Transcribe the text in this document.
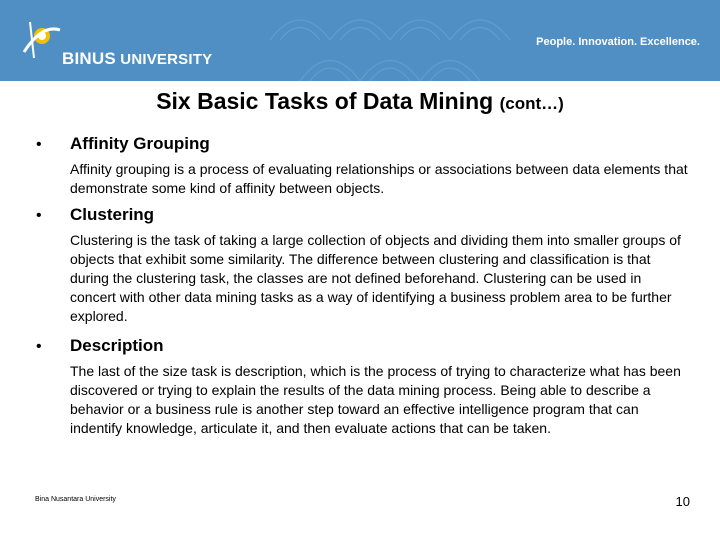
BINUS UNIVERSITY
People. Innovation. Excellence.
Six Basic Tasks of Data Mining (cont…)
• Affinity Grouping

Affinity grouping is a process of evaluating relationships or associations between data elements that demonstrate some kind of affinity between objects.

• Clustering

Clustering is the task of taking a large collection of objects and dividing them into smaller groups of objects that exhibit some similarity. The difference between clustering and classification is that during the clustering task, the classes are not defined beforehand. Clustering can be used in concert with other data mining tasks as a way of identifying a business problem area to be further explored.

• Description

The last of the size task is description, which is the process of trying to characterize what has been discovered or trying to explain the results of the data mining process. Being able to describe a behavior or a business rule is another step toward an effective intelligence program that can indentify knowledge, articulate it, and then evaluate actions that can be taken.

Bina Nusantara University	10
